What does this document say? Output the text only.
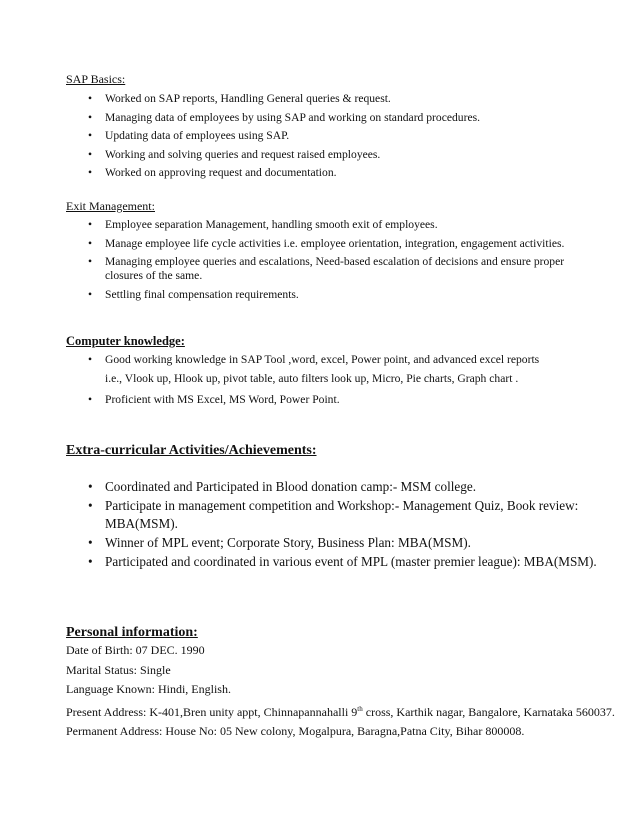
SAP Basics:
• Worked on SAP reports, Handling General queries & request.
• Managing data of employees by using SAP and working on standard procedures.
• Updating data of employees using SAP.
• Working and solving queries and request raised employees.
• Worked on approving request and documentation.
Exit Management:
• Employee separation Management, handling smooth exit of employees.
• Manage employee life cycle activities i.e. employee orientation, integration, engagement activities.
• Managing employee queries and escalations, Need-based escalation of decisions and ensure proper closures of the same.
• Settling final compensation requirements.
Computer knowledge:
• Good working knowledge in SAP Tool ,word, excel, Power point, and advanced excel reports
i.e., Vlook up, Hlook up, pivot table, auto filters look up, Micro, Pie charts, Graph chart .
• Proficient with MS Excel, MS Word, Power Point.
Extra-curricular Activities/Achievements:
• Coordinated and Participated in Blood donation camp:- MSM college.
• Participate in management competition and Workshop:- Management Quiz, Book review: MBA(MSM).
• Winner of MPL event; Corporate Story, Business Plan: MBA(MSM).
• Participated and coordinated in various event of MPL (master premier league): MBA(MSM).
Personal information:
Date of Birth: 07 DEC. 1990
Marital Status: Single
Language Known: Hindi, English.
Present Address: K-401,Bren unity appt, Chinnapannahalli 9th cross, Karthik nagar, Bangalore, Karnataka 560037.
Permanent Address: House No: 05 New colony, Mogalpura, Baragna,Patna City, Bihar 800008.
